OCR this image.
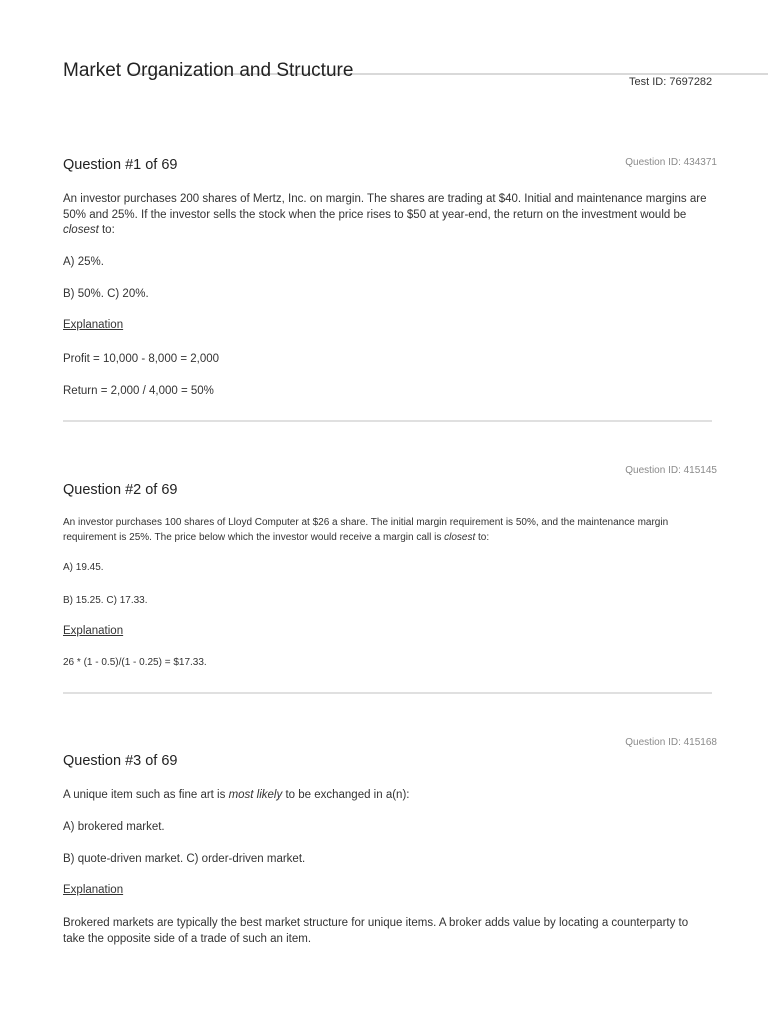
Market Organization and Structure
Test ID: 7697282
Question ID: 434371
Question #1 of 69
An investor purchases 200 shares of Mertz, Inc. on margin. The shares are trading at $40. Initial and maintenance margins are 50% and 25%. If the investor sells the stock when the price rises to $50 at year-end, the return on the investment would be closest to:
A) 25%.
B) 50%. C) 20%.
Explanation
Profit = 10,000 - 8,000 = 2,000
Return = 2,000 / 4,000 = 50%
Question ID: 415145
Question #2 of 69
An investor purchases 100 shares of Lloyd Computer at $26 a share. The initial margin requirement is 50%, and the maintenance margin requirement is 25%. The price below which the investor would receive a margin call is closest to:
A) 19.45.
B) 15.25. C) 17.33.
Explanation
26 * (1 - 0.5)/(1 - 0.25) = $17.33.
Question ID: 415168
Question #3 of 69
A unique item such as fine art is most likely to be exchanged in a(n):
A) brokered market.
B) quote-driven market. C) order-driven market.
Explanation
Brokered markets are typically the best market structure for unique items. A broker adds value by locating a counterparty to take the opposite side of a trade of such an item.
